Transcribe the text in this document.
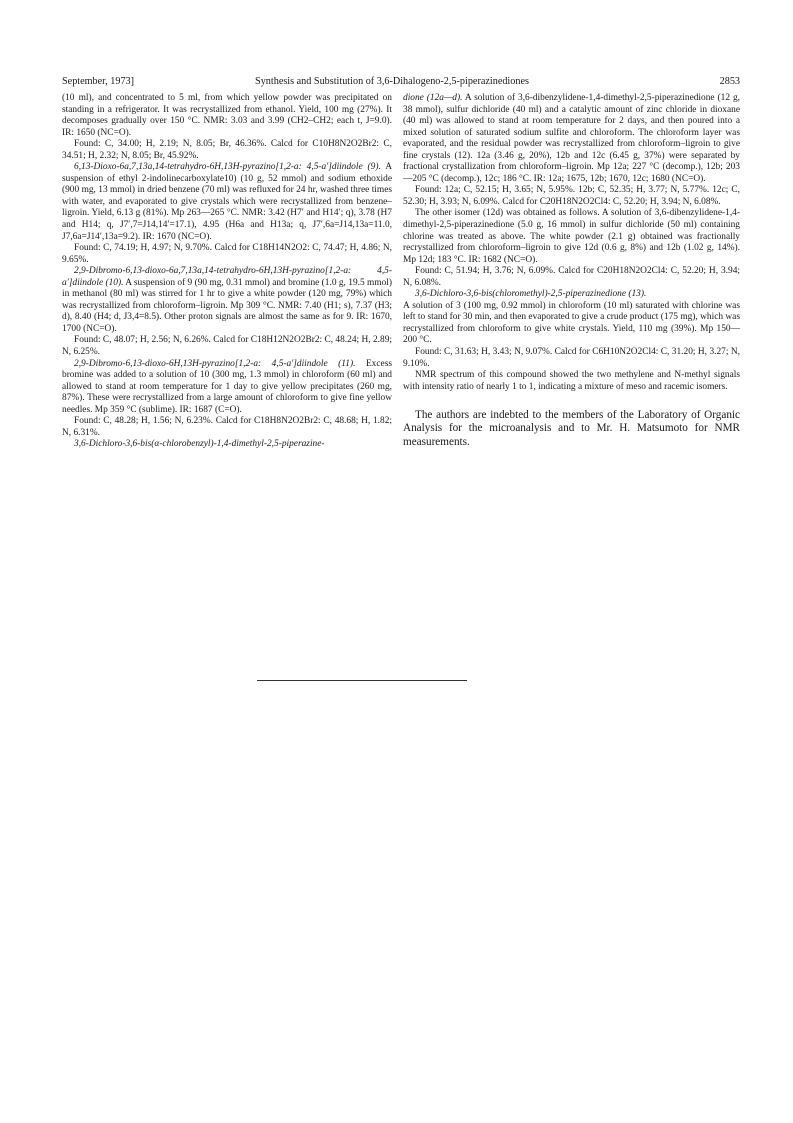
September, 1973]	Synthesis and Substitution of 3,6-Dihalogeno-2,5-piperazinediones	2853

(10 ml), and concentrated to 5 ml, from which yellow powder was precipitated on standing in a refrigerator. It was recrystallized from ethanol. Yield, 100 mg (27%). It decomposes gradually over 150 °C. NMR: 3.03 and 3.99 (CH2–CH2; each t, J=9.0). IR: 1650 (NC=O).

Found: C, 34.00; H, 2.19; N, 8.05; Br, 46.36%. Calcd for C10H8N2O2Br2: C, 34.51; H, 2.32; N, 8.05; Br, 45.92%.

6,13-Dioxo-6a,7,13a,14-tetrahydro-6H,13H-pyrazino[1,2-a: 4,5-a′]diindole (9). A suspension of ethyl 2-indolinecarboxylate10) (10 g, 52 mmol) and sodium ethoxide (900 mg, 13 mmol) in dried benzene (70 ml) was refluxed for 24 hr, washed three times with water, and evaporated to give crystals which were recrystallized from benzene–ligroin. Yield, 6.13 g (81%). Mp 263—265 °C. NMR: 3.42 (H7′ and H14′; q), 3.78 (H7 and H14; q, J7′,7=J14,14′=17.1), 4.95 (H6a and H13a; q, J7′,6a=J14,13a=11.0, J7,6a=J14′,13a=9.2). IR: 1670 (NC=O).

Found: C, 74.19; H, 4.97; N, 9.70%. Calcd for C18H14N2O2: C, 74.47; H, 4.86; N, 9.65%.

2,9-Dibromo-6,13-dioxo-6a,7,13a,14-tetrahydro-6H,13H-pyrazino[1,2-a: 4,5-a′]diindole (10). A suspension of 9 (90 mg, 0.31 mmol) and bromine (1.0 g, 19.5 mmol) in methanol (80 ml) was stirred for 1 hr to give a white powder (120 mg, 79%) which was recrystallized from chloroform–ligroin. Mp 309 °C. NMR: 7.40 (H1; s), 7.37 (H3; d), 8.40 (H4; d, J3,4=8.5). Other proton signals are almost the same as for 9. IR: 1670, 1700 (NC=O).

Found: C, 48.07; H, 2.56; N, 6.26%. Calcd for C18H12N2O2Br2: C, 48.24; H, 2.89; N, 6.25%.

2,9-Dibromo-6,13-dioxo-6H,13H-pyrazino[1,2-a: 4,5-a′]diindole (11). Excess bromine was added to a solution of 10 (300 mg, 1.3 mmol) in chloroform (60 ml) and allowed to stand at room temperature for 1 day to give yellow precipitates (260 mg, 87%). These were recrystallized from a large amount of chloroform to give fine yellow needles. Mp 359 °C (sublime). IR: 1687 (C=O).

Found: C, 48.28; H, 1.56; N, 6.23%. Calcd for C18H8N2O2Br2: C, 48.68; H, 1.82; N, 6.31%.

3,6-Dichloro-3,6-bis(α-chlorobenzyl)-1,4-dimethyl-2,5-piperazine-

dione (12a—d). A solution of 3,6-dibenzylidene-1,4-dimethyl-2,5-piperazinedione (12 g, 38 mmol), sulfur dichloride (40 ml) and a catalytic amount of zinc chloride in dioxane (40 ml) was allowed to stand at room temperature for 2 days, and then poured into a mixed solution of saturated sodium sulfite and chloroform. The chloroform layer was evaporated, and the residual powder was recrystallized from chloroform–ligroin to give fine crystals (12). 12a (3.46 g, 20%), 12b and 12c (6.45 g, 37%) were separated by fractional crystallization from chloroform–ligroin. Mp 12a; 227 °C (decomp.), 12b; 203—205 °C (decomp.), 12c; 186 °C. IR: 12a; 1675, 12b; 1670, 12c; 1680 (NC=O).

Found: 12a; C, 52.15; H, 3.65; N, 5.95%. 12b; C, 52.35; H, 3.77; N, 5.77%. 12c; C, 52.30; H, 3.93; N, 6.09%. Calcd for C20H18N2O2Cl4: C, 52.20; H, 3.94; N, 6.08%.

The other isomer (12d) was obtained as follows. A solution of 3,6-dibenzylidene-1,4-dimethyl-2,5-piperazinedione (5.0 g, 16 mmol) in sulfur dichloride (50 ml) containing chlorine was treated as above. The white powder (2.1 g) obtained was fractionally recrystallized from chloroform–ligroin to give 12d (0.6 g, 8%) and 12b (1.02 g, 14%). Mp 12d; 183 °C. IR: 1682 (NC=O).

Found: C, 51.94; H, 3.76; N, 6.09%. Calcd for C20H18N2O2Cl4: C, 52.20; H, 3.94; N, 6.08%.

3,6-Dichloro-3,6-bis(chloromethyl)-2,5-piperazinedione (13).

A solution of 3 (100 mg, 0.92 mmol) in chloroform (10 ml) saturated with chlorine was left to stand for 30 min, and then evaporated to give a crude product (175 mg), which was recrystallized from chloroform to give white crystals. Yield, 110 mg (39%). Mp 150—200 °C.

Found: C, 31.63; H, 3.43; N, 9.07%. Calcd for C6H10N2O2Cl4: C, 31.20; H, 3.27; N, 9.10%.

NMR spectrum of this compound showed the two methylene and N-methyl signals with intensity ratio of nearly 1 to 1, indicating a mixture of meso and racemic isomers.

The authors are indebted to the members of the Laboratory of Organic Analysis for the microanalysis and to Mr. H. Matsumoto for NMR measurements.
